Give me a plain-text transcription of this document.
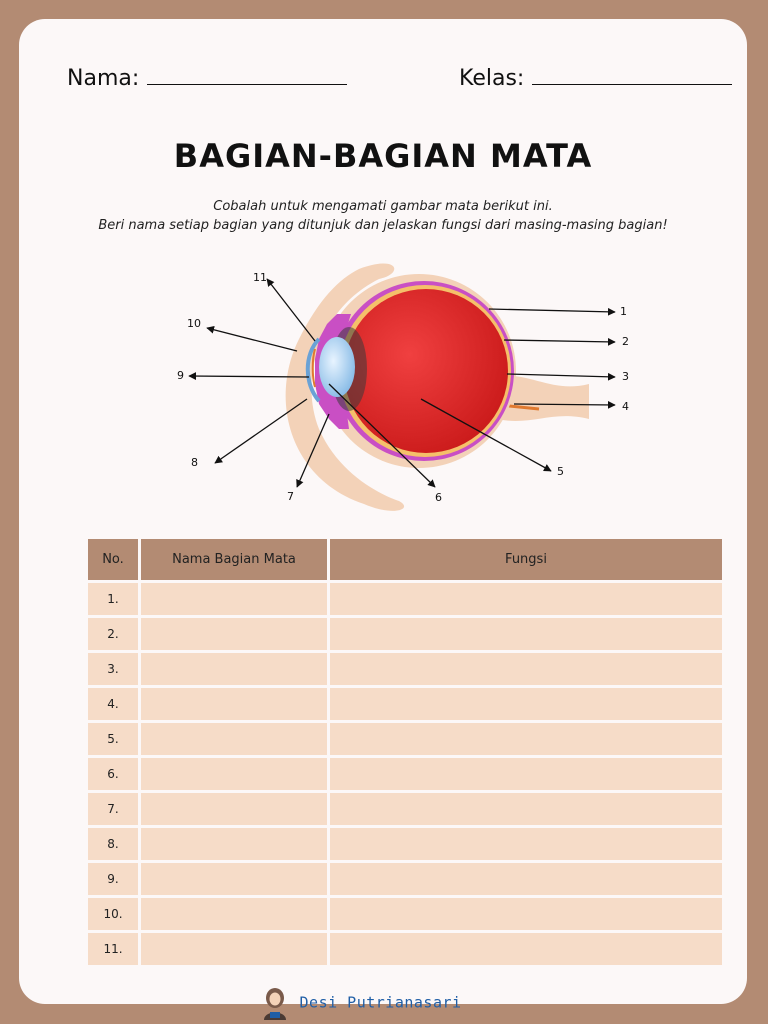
Nama:	Kelas:
BAGIAN-BAGIAN MATA
Cobalah untuk mengamati gambar mata berikut ini.
Beri nama setiap bagian yang ditunjuk dan jelaskan fungsi dari masing-masing bagian!
1
2
3
4
5
6
7
8
9
10
11
No.	Nama Bagian Mata	Fungsi
1.		
2.		
3.		
4.		
5.		
6.		
7.		
8.		
9.		
10.		
11.		
Desi Putrianasari
